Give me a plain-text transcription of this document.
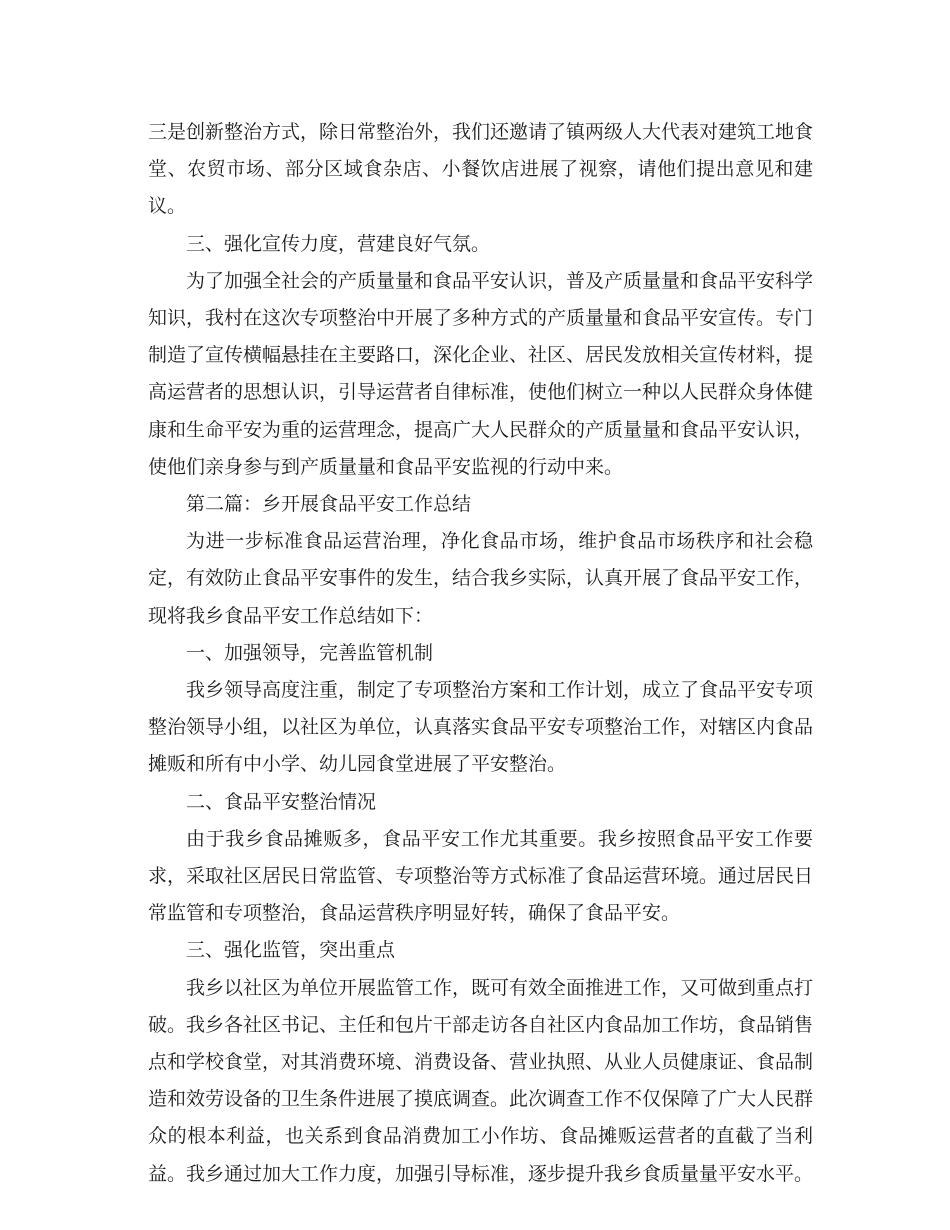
三是创新整治方式，除日常整治外，我们还邀请了镇两级人大代表对建筑工地食堂、农贸市场、部分区域食杂店、小餐饮店进展了视察，请他们提出意见和建议。

三、强化宣传力度，营建良好气氛。

为了加强全社会的产质量量和食品平安认识，普及产质量量和食品平安科学知识，我村在这次专项整治中开展了多种方式的产质量量和食品平安宣传。专门制造了宣传横幅悬挂在主要路口，深化企业、社区、居民发放相关宣传材料，提高运营者的思想认识，引导运营者自律标准，使他们树立一种以人民群众身体健康和生命平安为重的运营理念，提高广大人民群众的产质量量和食品平安认识，使他们亲身参与到产质量量和食品平安监视的行动中来。

第二篇：乡开展食品平安工作总结

为进一步标准食品运营治理，净化食品市场，维护食品市场秩序和社会稳定，有效防止食品平安事件的发生，结合我乡实际，认真开展了食品平安工作，现将我乡食品平安工作总结如下：

一、加强领导，完善监管机制

我乡领导高度注重，制定了专项整治方案和工作计划，成立了食品平安专项整治领导小组，以社区为单位，认真落实食品平安专项整治工作，对辖区内食品摊贩和所有中小学、幼儿园食堂进展了平安整治。

二、食品平安整治情况

由于我乡食品摊贩多，食品平安工作尤其重要。我乡按照食品平安工作要求，采取社区居民日常监管、专项整治等方式标准了食品运营环境。通过居民日常监管和专项整治，食品运营秩序明显好转，确保了食品平安。

三、强化监管，突出重点

我乡以社区为单位开展监管工作，既可有效全面推进工作，又可做到重点打破。我乡各社区书记、主任和包片干部走访各自社区内食品加工作坊，食品销售点和学校食堂，对其消费环境、消费设备、营业执照、从业人员健康证、食品制造和效劳设备的卫生条件进展了摸底调查。此次调查工作不仅保障了广大人民群众的根本利益，也关系到食品消费加工小作坊、食品摊贩运营者的直截了当利益。我乡通过加大工作力度，加强引导标准，逐步提升我乡食质量量平安水平。
